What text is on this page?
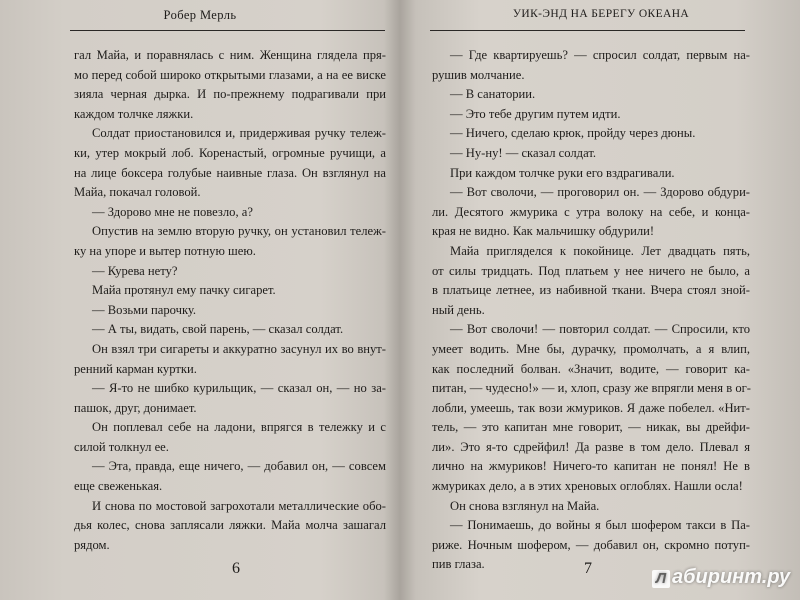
Робер Мерль
гал Майа, и поравнялась с ним. Женщина глядела пря-
мо перед собой широко открытыми глазами, а на ее виске
зияла черная дырка. И по-прежнему подрагивали при
каждом толчке ляжки.
Солдат приостановился и, придерживая ручку тележ-
ки, утер мокрый лоб. Коренастый, огромные ручищи, а
на лице боксера голубые наивные глаза. Он взглянул на
Майа, покачал головой.
— Здорово мне не повезло, а?
Опустив на землю вторую ручку, он установил тележ-
ку на упоре и вытер потную шею.
— Курева нету?
Майа протянул ему пачку сигарет.
— Возьми парочку.
— А ты, видать, свой парень, — сказал солдат.
Он взял три сигареты и аккуратно засунул их во внут-
ренний карман куртки.
— Я-то не шибко курильщик, — сказал он, — но за-
пашок, друг, донимает.
Он поплевал себе на ладони, впрягся в тележку и с
силой толкнул ее.
— Эта, правда, еще ничего, — добавил он, — совсем
еще свеженькая.
И снова по мостовой загрохотали металлические обо-
дья колес, снова заплясали ляжки. Майа молча зашагал
рядом.
6
УИК-ЭНД НА БЕРЕГУ ОКЕАНА
— Где квартируешь? — спросил солдат, первым на-
рушив молчание.
— В санатории.
— Это тебе другим путем идти.
— Ничего, сделаю крюк, пройду через дюны.
— Ну-ну! — сказал солдат.
При каждом толчке руки его вздрагивали.
— Вот сволочи, — проговорил он. — Здорово обдури-
ли. Десятого жмурика с утра волоку на себе, и конца-
края не видно. Как мальчишку обдурили!
Майа пригляделся к покойнице. Лет двадцать пять,
от силы тридцать. Под платьем у нее ничего не было, а
в платьице летнее, из набивной ткани. Вчера стоял зной-
ный день.
— Вот сволочи! — повторил солдат. — Спросили, кто
умеет водить. Мне бы, дурачку, промолчать, а я влип,
как последний болван. «Значит, водите, — говорит ка-
питан, — чудесно!» — и, хлоп, сразу же впрягли меня в ог-
лобли, умеешь, так вози жмуриков. Я даже побелел. «Нит-
тель, — это капитан мне говорит, — никак, вы дрейфи-
ли». Это я-то сдрейфил! Да разве в том дело. Плевал я
лично на жмуриков! Ничего-то капитан не понял! Не в
жмуриках дело, а в этих хреновых оглоблях. Нашли осла!
Он снова взглянул на Майа.
— Понимаешь, до войны я был шофером такси в Па-
риже. Ночным шофером, — добавил он, скромно потуп-
пив глаза.	7
Л абиринт.ру
